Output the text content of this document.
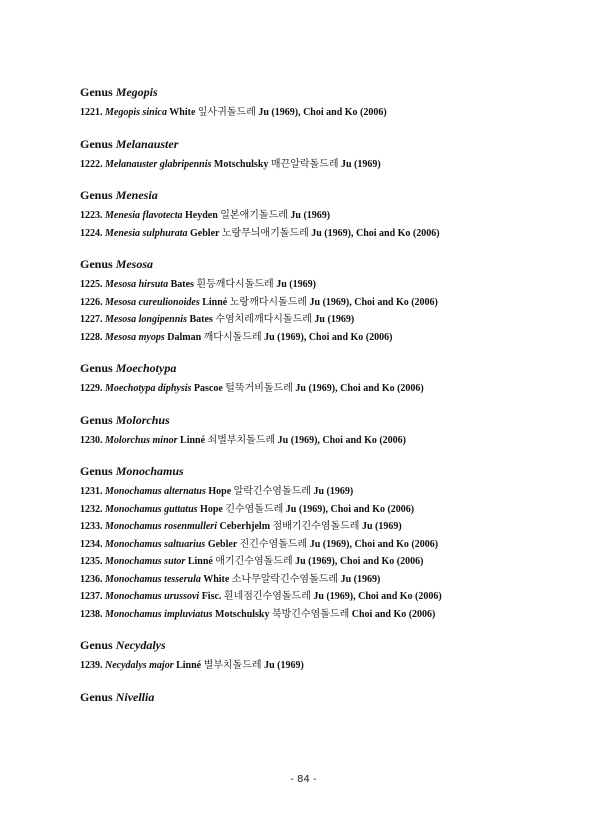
Genus Megopis
1221. Megopis sinica White 잎사귀돌드레 Ju (1969), Choi and Ko (2006)
Genus Melanauster
1222. Melanauster glabripennis Motschulsky 매끈알락돌드레 Ju (1969)
Genus Menesia
1223. Menesia flavotecta Heyden 일본애기돌드레 Ju (1969)
1224. Menesia sulphurata Gebler 노랑무늬애기돌드레 Ju (1969), Choi and Ko (2006)
Genus Mesosa
1225. Mesosa hirsuta Bates 흰등깨다시돌드레 Ju (1969)
1226. Mesosa cureulionoides Linné 노랑깨다시돌드레 Ju (1969), Choi and Ko (2006)
1227. Mesosa longipennis Bates 수염치레깨다시돌드레 Ju (1969)
1228. Mesosa myops Dalman 깨다시돌드레 Ju (1969), Choi and Ko (2006)
Genus Moechotypa
1229. Moechotypa diphysis Pascoe 털뚝거비돌드레 Ju (1969), Choi and Ko (2006)
Genus Molorchus
1230. Molorchus minor Linné 쇠벌부치돌드레 Ju (1969), Choi and Ko (2006)
Genus Monochamus
1231. Monochamus alternatus Hope 알락긴수염돌드레 Ju (1969)
1232. Monochamus guttatus Hope 긴수염돌드레 Ju (1969), Choi and Ko (2006)
1233. Monochamus rosenmulleri Ceberhjelm 점배기긴수염돌드레 Ju (1969)
1234. Monochamus saltuarius Gebler 진긴수염돌드레 Ju (1969), Choi and Ko (2006)
1235. Monochamus sutor Linné 애기긴수염돌드레 Ju (1969), Choi and Ko (2006)
1236. Monochamus tesserula White 소나무알락긴수염돌드레 Ju (1969)
1237. Monochamus urussovi Fisc. 흰네점긴수염돌드레 Ju (1969), Choi and Ko (2006)
1238. Monochamus impluviatus Motschulsky 북방긴수염돌드레 Choi and Ko (2006)
Genus Necydalys
1239. Necydalys major Linné 별부치돌드레 Ju (1969)
Genus Nivellia
- 84 -
